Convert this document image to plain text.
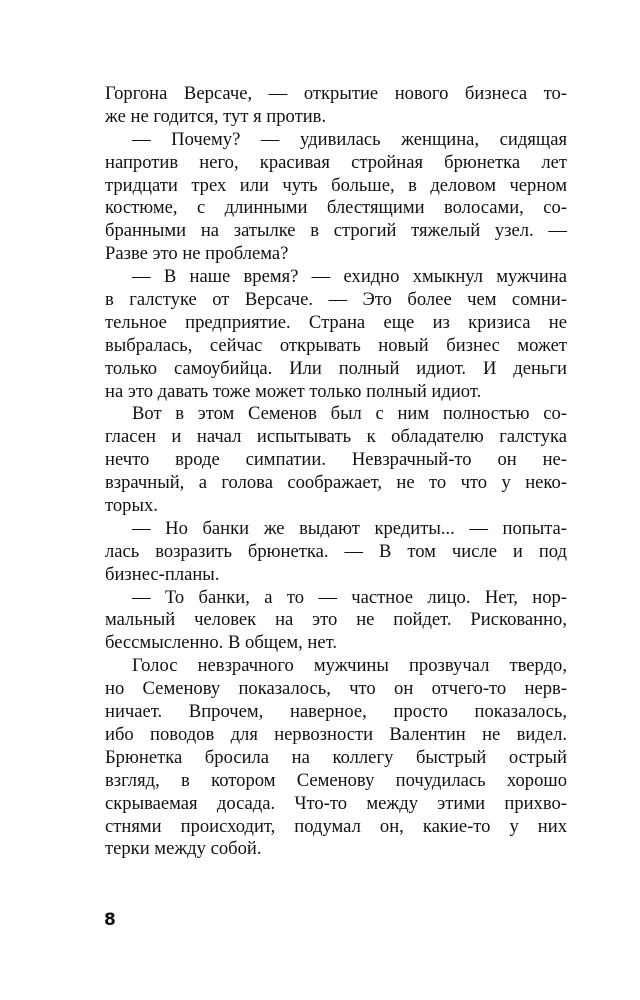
Горгона Версаче, — открытие нового бизнеса то-
же не годится, тут я против.
— Почему? — удивилась женщина, сидящая
напротив него, красивая стройная брюнетка лет
тридцати трех или чуть больше, в деловом черном
костюме, с длинными блестящими волосами, со-
бранными на затылке в строгий тяжелый узел. —
Разве это не проблема?
— В наше время? — ехидно хмыкнул мужчина
в галстуке от Версаче. — Это более чем сомни-
тельное предприятие. Страна еще из кризиса не
выбралась, сейчас открывать новый бизнес может
только самоубийца. Или полный идиот. И деньги
на это давать тоже может только полный идиот.
Вот в этом Семенов был с ним полностью со-
гласен и начал испытывать к обладателю галстука
нечто вроде симпатии. Невзрачный-то он не-
взрачный, а голова соображает, не то что у неко-
торых.
— Но банки же выдают кредиты... — попыта-
лась возразить брюнетка. — В том числе и под
бизнес-планы.
— То банки, а то — частное лицо. Нет, нор-
мальный человек на это не пойдет. Рискованно,
бессмысленно. В общем, нет.
Голос невзрачного мужчины прозвучал твердо,
но Семенову показалось, что он отчего-то нерв-
ничает. Впрочем, наверное, просто показалось,
ибо поводов для нервозности Валентин не видел.
Брюнетка бросила на коллегу быстрый острый
взгляд, в котором Семенову почудилась хорошо
скрываемая досада. Что-то между этими прихво-
стнями происходит, подумал он, какие-то у них
терки между собой.
8
